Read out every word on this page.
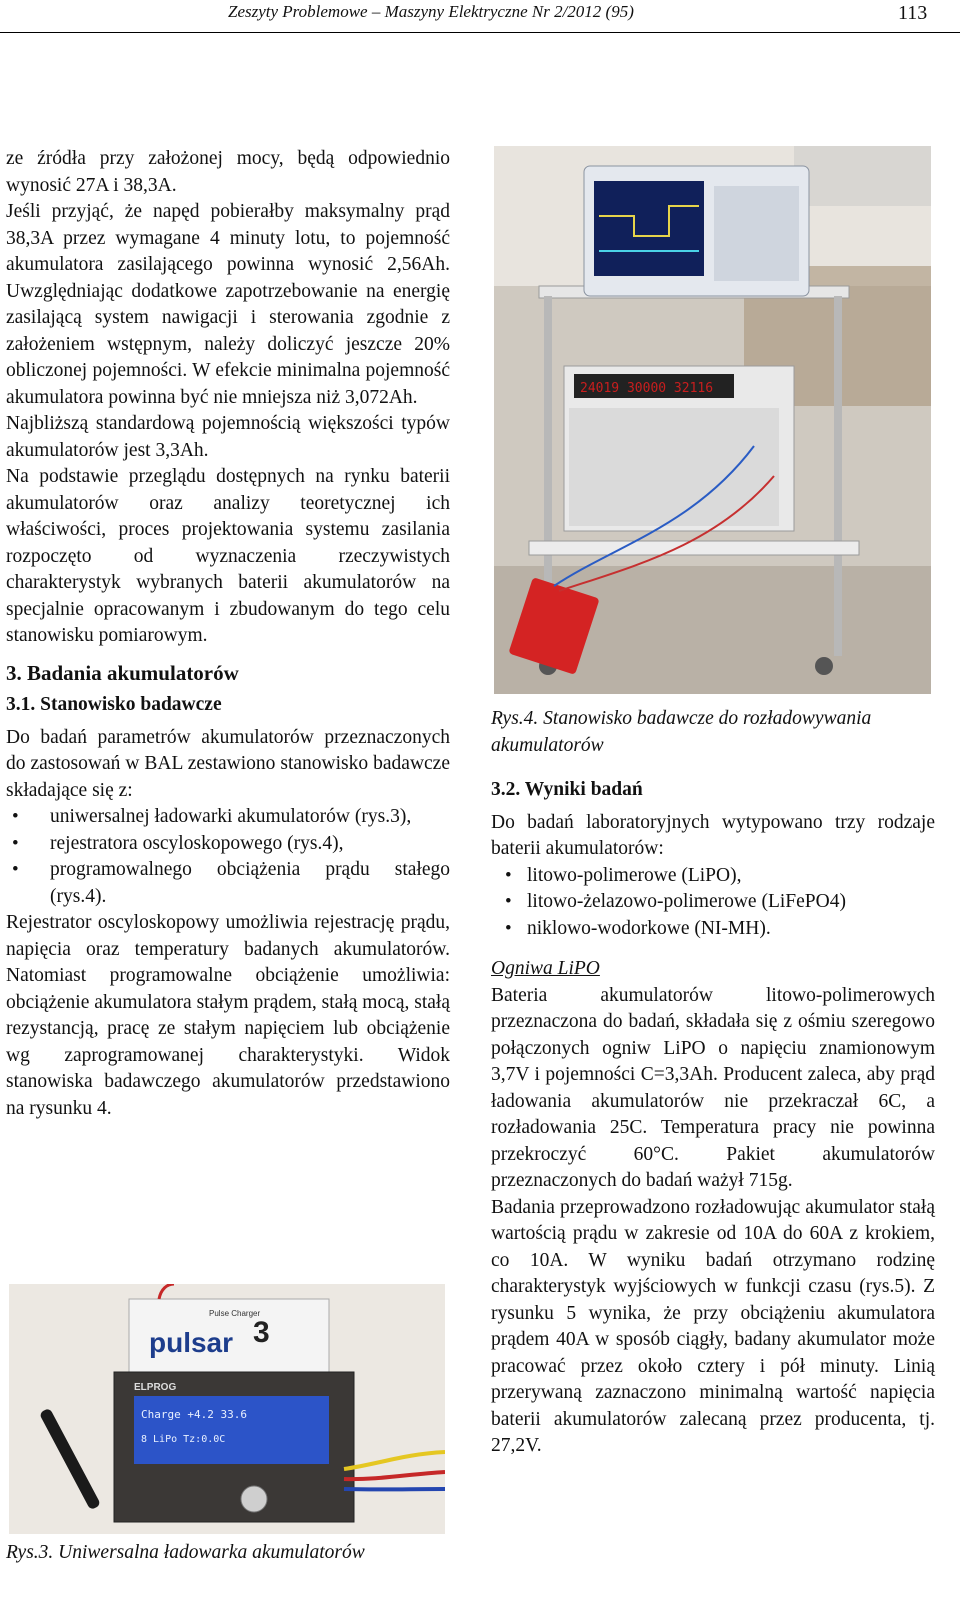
Zeszyty Problemowe – Maszyny Elektryczne Nr 2/2012 (95)	113

ze źródła przy założonej mocy, będą odpowiednio wynosić 27A i 38,3A.

Jeśli przyjąć, że napęd pobierałby maksymalny prąd 38,3A przez wymagane 4 minuty lotu, to pojemność akumulatora zasilającego powinna wynosić 2,56Ah. Uwzględniając dodatkowe zapotrzebowanie na energię zasilającą system nawigacji i sterowania zgodnie z założeniem wstępnym, należy doliczyć jeszcze 20% obliczonej pojemności. W efekcie minimalna pojemność akumulatora powinna być nie mniejsza niż 3,072Ah.

Najbliższą standardową pojemnością większości typów akumulatorów jest 3,3Ah.

Na podstawie przeglądu dostępnych na rynku baterii akumulatorów oraz analizy teoretycznej ich właściwości, proces projektowania systemu zasilania rozpoczęto od wyznaczenia rzeczywistych charakterystyk wybranych baterii akumulatorów na specjalnie opracowanym i zbudowanym do tego celu stanowisku pomiarowym.

3. Badania akumulatorów
3.1. Stanowisko badawcze

Do badań parametrów akumulatorów przeznaczonych do zastosowań w BAL zestawiono stanowisko badawcze składające się z:

• uniwersalnej ładowarki akumulatorów (rys.3),
• rejestratora oscyloskopowego (rys.4),
• programowalnego obciążenia prądu stałego (rys.4).

Rejestrator oscyloskopowy umożliwia rejestrację prądu, napięcia oraz temperatury badanych akumulatorów. Natomiast programowalne obciążenie umożliwia: obciążenie akumulatora stałym prądem, stałą mocą, stałą rezystancją, pracę ze stałym napięciem lub obciążenie wg zaprogramowanej charakterystyki. Widok stanowiska badawczego akumulatorów przedstawiono na rysunku 4.

24019 30000 32116
Rys.4. Stanowisko badawcze do rozładowywania akumulatorów
3.2. Wyniki badań

Do badań laboratoryjnych wytypowano trzy rodzaje baterii akumulatorów:

• litowo-polimerowe (LiPO),
• litowo-żelazowo-polimerowe (LiFePO4)
• niklowo-wodorkowe (NI-MH).
Ogniwa LiPO

Bateria akumulatorów litowo-polimerowych przeznaczona do badań, składała się z ośmiu szeregowo połączonych ogniw LiPO o napięciu znamionowym 3,7V i pojemności C=3,3Ah. Producent zaleca, aby prąd ładowania akumulatorów nie przekraczał 6C, a rozładowania 25C. Temperatura pracy nie powinna przekroczyć 60°C. Pakiet akumulatorów przeznaczonych do badań ważył 715g.

Badania przeprowadzono rozładowując akumulator stałą wartością prądu w zakresie od 10A do 60A z krokiem, co 10A. W wyniku badań otrzymano rodzinę charakterystyk wyjściowych w funkcji czasu (rys.5). Z rysunku 5 wynika, że przy obciążeniu akumulatora prądem 40A w sposób ciągły, badany akumulator może pracować przez około cztery i pół minuty. Linią przerywaną zaznaczono minimalną wartość napięcia baterii akumulatorów zalecaną przez producenta, tj. 27,2V.

pulsar
Pulse Charger
3
ELPROG
Charge +4.2 33.6
8 LiPo Tz:0.0C
Rys.3. Uniwersalna ładowarka akumulatorów
